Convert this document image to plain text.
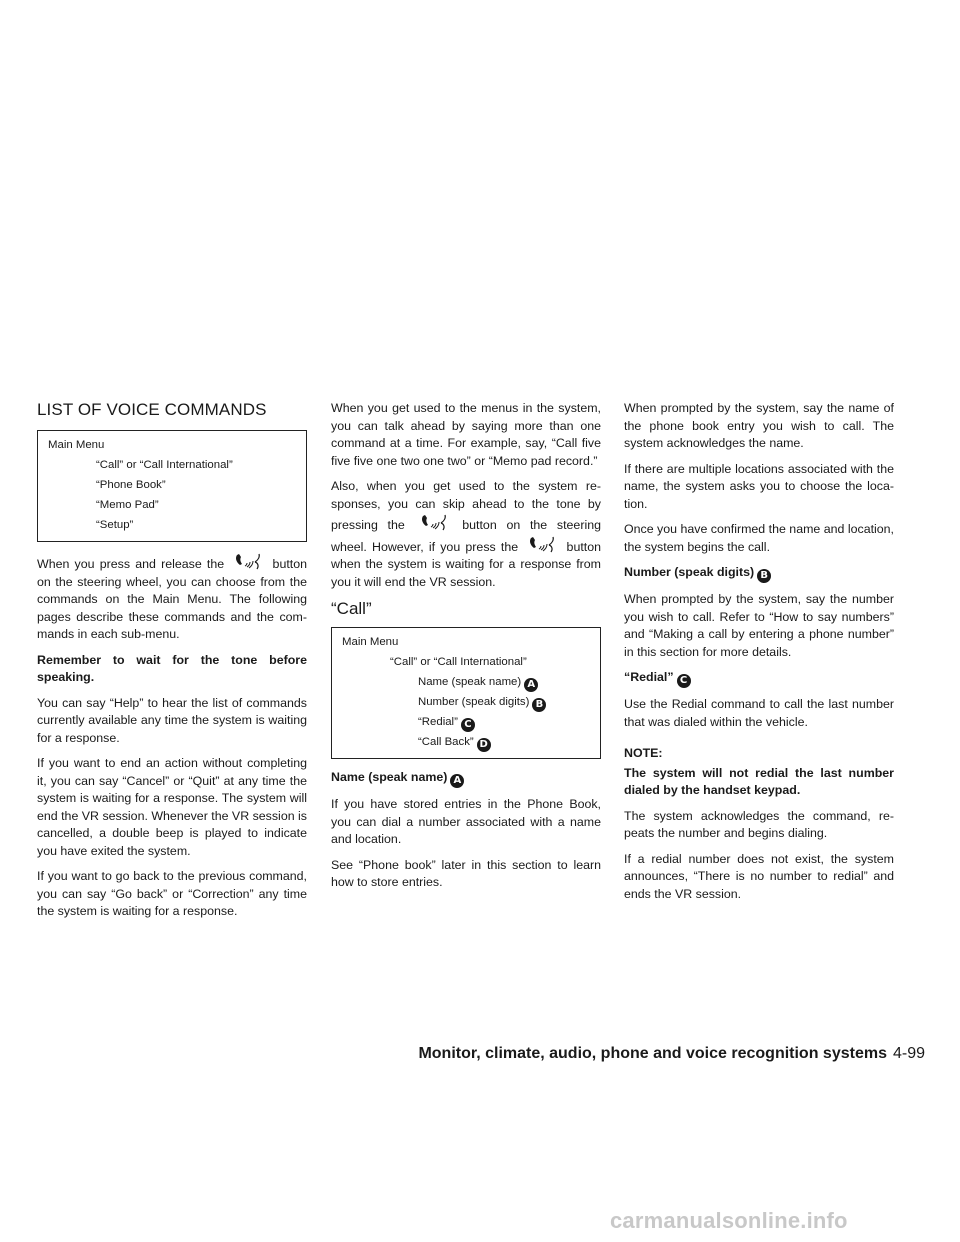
LIST OF VOICE COMMANDS
Main Menu
“Call” or “Call International”
“Phone Book”
“Memo Pad”
“Setup”

When you press and release the	button on the steering wheel, you can choose from the commands on the Main Menu. The following pages describe these commands and the com-mands in each sub-menu.

Remember to wait for the tone before speaking.

You can say “Help” to hear the list of commands currently available any time the system is waiting for a response.

If you want to end an action without completing it, you can say “Cancel” or “Quit” at any time the system is waiting for a response. The system will end the VR session. Whenever the VR session is cancelled, a double beep is played to indicate you have exited the system.

If you want to go back to the previous command, you can say “Go back” or “Correction” any time the system is waiting for a response.

When you get used to the menus in the system, you can talk ahead by saying more than one command at a time. For example, say, “Call five five five one two one two” or “Memo pad record.”

Also, when you get used to the system re-sponses, you can skip ahead to the tone by pressing the	button on the steering wheel. However, if you press the	button when the system is waiting for a response from you it will end the VR session.

“Call”
Main Menu
“Call” or “Call International”
Name (speak name) A
Number (speak digits) B
“Redial” C
“Call Back” D

Name (speak name) A

If you have stored entries in the Phone Book, you can dial a number associated with a name and location.

See “Phone book” later in this section to learn how to store entries.

When prompted by the system, say the name of the phone book entry you wish to call. The system acknowledges the name.

If there are multiple locations associated with the name, the system asks you to choose the loca-tion.

Once you have confirmed the name and location, the system begins the call.

Number (speak digits) B

When prompted by the system, say the number you wish to call. Refer to “How to say numbers” and “Making a call by entering a phone number” in this section for more details.

“Redial” C

Use the Redial command to call the last number that was dialed within the vehicle.

NOTE:

The system will not redial the last number dialed by the handset keypad.

The system acknowledges the command, re-peats the number and begins dialing.

If a redial number does not exist, the system announces, “There is no number to redial” and ends the VR session.

Monitor, climate, audio, phone and voice recognition systems 4-99
carmanualsonline.info
